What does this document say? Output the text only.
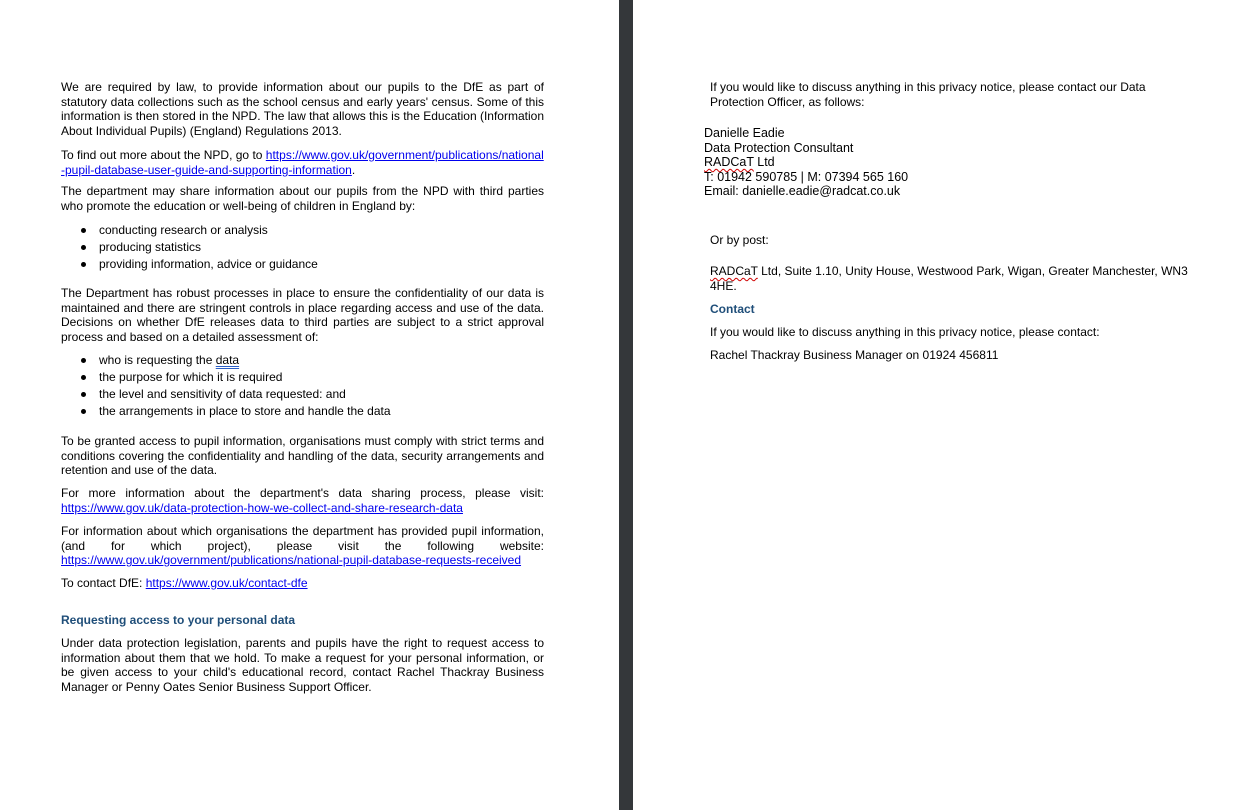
We are required by law, to provide information about our pupils to the DfE as part of statutory data collections such as the school census and early years' census. Some of this information is then stored in the NPD. The law that allows this is the Education (Information About Individual Pupils) (England) Regulations 2013.

To find out more about the NPD, go to https://www.gov.uk/government/publications/national-pupil-database-user-guide-and-supporting-information.

The department may share information about our pupils from the NPD with third parties who promote the education or well-being of children in England by:

conducting research or analysis
producing statistics
providing information, advice or guidance

The Department has robust processes in place to ensure the confidentiality of our data is maintained and there are stringent controls in place regarding access and use of the data. Decisions on whether DfE releases data to third parties are subject to a strict approval process and based on a detailed assessment of:

who is requesting the data
the purpose for which it is required
the level and sensitivity of data requested: and
the arrangements in place to store and handle the data

To be granted access to pupil information, organisations must comply with strict terms and conditions covering the confidentiality and handling of the data, security arrangements and retention and use of the data.

For more information about the department's data sharing process, please visit:
https://www.gov.uk/data-protection-how-we-collect-and-share-research-data

For information about which organisations the department has provided pupil information, (and for which project), please visit the following website:
https://www.gov.uk/government/publications/national-pupil-database-requests-received

To contact DfE: https://www.gov.uk/contact-dfe

Requesting access to your personal data

Under data protection legislation, parents and pupils have the right to request access to information about them that we hold. To make a request for your personal information, or be given access to your child's educational record, contact Rachel Thackray Business Manager or Penny Oates Senior Business Support Officer.

If you would like to discuss anything in this privacy notice, please contact our Data Protection Officer, as follows:

Danielle Eadie
Data Protection Consultant
RADCaT Ltd
T: 01942 590785 | M: 07394 565 160
Email: danielle.eadie@radcat.co.uk

Or by post:

RADCaT Ltd, Suite 1.10, Unity House, Westwood Park, Wigan, Greater Manchester, WN3 4HE.

Contact

If you would like to discuss anything in this privacy notice, please contact:

Rachel Thackray Business Manager on 01924 456811
